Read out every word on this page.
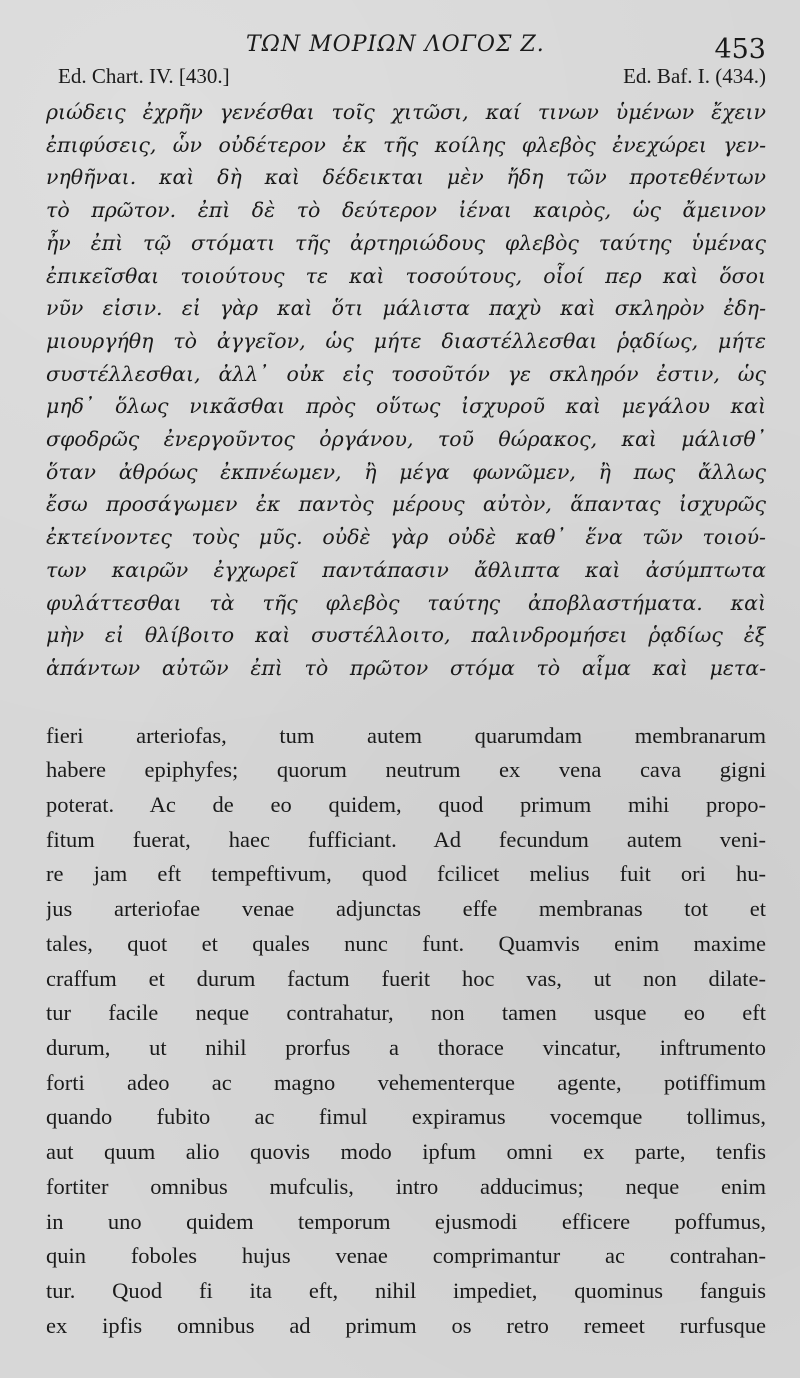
ΤΩΝ ΜΟΡΙΩΝ ΛΟΓΟΣ Ζ.	453
Ed. Chart. IV. [430.]	Ed. Baf. I. (434.)
ριώδεις ἐχρῆν γενέσθαι τοῖς χιτῶσι, καί τινων ὑμένων ἔχειν
ἐπιφύσεις, ὧν οὐδέτερον ἐκ τῆς κοίλης φλεβὸς ἐνεχώρει γεν-
νηθῆναι. καὶ δὴ καὶ δέδεικται μὲν ἤδη τῶν προτεθέντων
τὸ πρῶτον. ἐπὶ δὲ τὸ δεύτερον ἰέναι καιρὸς, ὡς ἄμεινον
ἦν ἐπὶ τῷ στόματι τῆς ἀρτηριώδους φλεβὸς ταύτης ὑμένας
ἐπικεῖσθαι τοιούτους τε καὶ τοσούτους, οἷοί περ καὶ ὅσοι
νῦν εἰσιν. εἰ γὰρ καὶ ὅτι μάλιστα παχὺ καὶ σκληρὸν ἐδη-
μιουργήθη τὸ ἀγγεῖον, ὡς μήτε διαστέλλεσθαι ῥᾳδίως, μήτε
συστέλλεσθαι, ἀλλ᾽ οὐκ εἰς τοσοῦτόν γε σκληρόν ἐστιν, ὡς
μηδ᾽ ὅλως νικᾶσθαι πρὸς οὕτως ἰσχυροῦ καὶ μεγάλου καὶ
σφοδρῶς ἐνεργοῦντος ὀργάνου, τοῦ θώρακος, καὶ μάλισθ᾽
ὅταν ἀθρόως ἐκπνέωμεν, ἢ μέγα φωνῶμεν, ἢ πως ἄλλως
ἔσω προσάγωμεν ἐκ παντὸς μέρους αὐτὸν, ἅπαντας ἰσχυρῶς
ἐκτείνοντες τοὺς μῦς. οὐδὲ γὰρ οὐδὲ καθ᾽ ἕνα τῶν τοιού-
των καιρῶν ἐγχωρεῖ παντάπασιν ἄθλιπτα καὶ ἀσύμπτωτα
φυλάττεσθαι τὰ τῆς φλεβὸς ταύτης ἀποβλαστήματα. καὶ
μὴν εἰ θλίβοιτο καὶ συστέλλοιτο, παλινδρομήσει ῥᾳδίως ἐξ
ἁπάντων αὐτῶν ἐπὶ τὸ πρῶτον στόμα τὸ αἷμα καὶ μετα-
fieri arteriofas, tum autem quarumdam membranarum
habere epiphyfes; quorum neutrum ex vena cava gigni
poterat. Ac de eo quidem, quod primum mihi propo-
fitum fuerat, haec fufficiant. Ad fecundum autem veni-
re jam eft tempeftivum, quod fcilicet melius fuit ori hu-
jus arteriofae venae adjunctas effe membranas tot et
tales, quot et quales nunc funt. Quamvis enim maxime
craffum et durum factum fuerit hoc vas, ut non dilate-
tur facile neque contrahatur, non tamen usque eo eft
durum, ut nihil prorfus a thorace vincatur, inftrumento
forti adeo ac magno vehementerque agente, potiffimum
quando fubito ac fimul expiramus vocemque tollimus,
aut quum alio quovis modo ipfum omni ex parte, tenfis
fortiter omnibus mufculis, intro adducimus; neque enim
in uno quidem temporum ejusmodi efficere poffumus,
quin foboles hujus venae comprimantur ac contrahan-
tur. Quod fi ita eft, nihil impediet, quominus fanguis
ex ipfis omnibus ad primum os retro remeet rurfusque
